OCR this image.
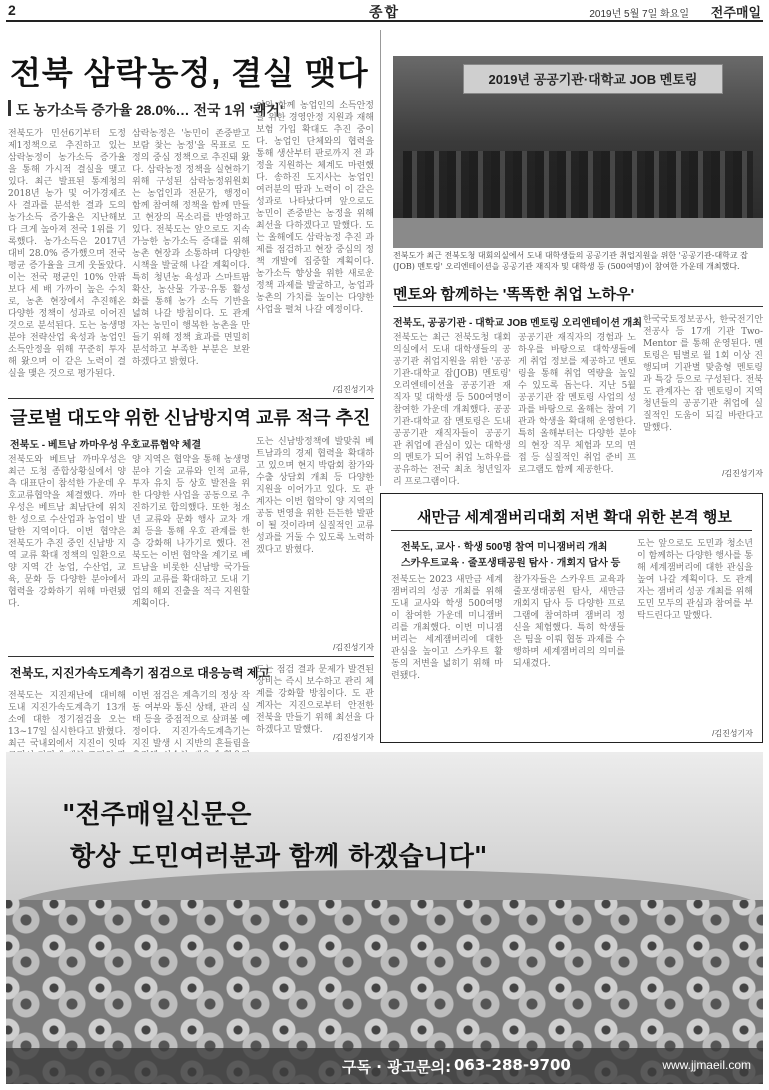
2	종합	2019년 5월 7일 화요일 전주매일
전북 삼락농정, 결실 맺다
도 농가소득 증가율 28.0%… 전국 1위 '쾌거'
전북도가 민선6기부터 도정 제1정책으로 추진하고 있는 삼락농정이 농가소득 증가율을 통해 가시적 결실을 맺고 있다. 최근 발표된 통계청의 2018년 농가 및 어가경제조사 결과를 분석한 결과 도의 농가소득 증가율은 지난해보다 크게 높아져 전국 1위를 기록했다. 농가소득은 2017년 대비 28.0% 증가했으며 전국 평균 증가율을 크게 웃돌았다. 이는 전국 평균인 10% 안팎보다 세 배 가까이 높은 수치로, 농촌 현장에서 추진해온 다양한 정책이 성과로 이어진 것으로 분석된다. 도는 농생명 분야 전략산업 육성과 농업인 소득안정을 위해 꾸준히 투자해 왔으며 이 같은 노력이 결실을 맺은 것으로 평가된다.
삼락농정은 '농민이 존중받고 보람 찾는 농정'을 목표로 도정의 중심 정책으로 추진돼 왔다. 삼락농정 정책을 실현하기 위해 구성된 삼락농정위원회는 농업인과 전문가, 행정이 함께 참여해 정책을 함께 만들고 현장의 목소리를 반영하고 있다. 전북도는 앞으로도 지속 가능한 농가소득 증대를 위해 농촌 현장과 소통하며 다양한 시책을 발굴해 나갈 계획이다. 특히 청년농 육성과 스마트팜 확산, 농산물 가공·유통 활성화를 통해 농가 소득 기반을 넓혀 나갈 방침이다. 도 관계자는 농민이 행복한 농촌을 만들기 위해 정책 효과를 면밀히 분석하고 부족한 부분은 보완하겠다고 밝혔다.
이와 함께 농업인의 소득안정을 위한 경영안정 지원과 재해보험 가입 확대도 추진 중이다. 농업인 단체와의 협력을 통해 생산부터 판로까지 전 과정을 지원하는 체계도 마련했다. 송하진 도지사는 농업인 여러분의 땀과 노력이 이 같은 성과로 나타났다며 앞으로도 농민이 존중받는 농정을 위해 최선을 다하겠다고 말했다. 도는 올해에도 삼락농정 추진 과제를 점검하고 현장 중심의 정책 개발에 집중할 계획이다. 농가소득 향상을 위한 새로운 정책 과제를 발굴하고, 농업과 농촌의 가치를 높이는 다양한 사업을 펼쳐 나갈 예정이다.
/김진성기자
2019년 공공기관·대학교 JOB 멘토링
전북도가 최근 전북도청 대회의실에서 도내 대학생들의 공공기관 취업지원을 위한 '공공기관-대학교 잡(JOB) 멘토링' 오리엔테이션을 공공기관 재직자 및 대학생 등 (500여명)이 참여한 가운데 개최했다.
멘토와 함께하는 '똑똑한 취업 노하우'
전북도, 공공기관 - 대학교 JOB 멘토링 오리엔테이션 개최
전북도는 최근 전북도청 대회의실에서 도내 대학생들의 공공기관 취업지원을 위한 '공공기관-대학교 잡(JOB) 멘토링' 오리엔테이션을 공공기관 재직자 및 대학생 등 500여명이 참여한 가운데 개최했다. 공공기관-대학교 잡 멘토링은 도내 공공기관 재직자들이 공공기관 취업에 관심이 있는 대학생의 멘토가 되어 취업 노하우를 공유하는 전국 최초 청년일자리 프로그램이다.
공공기관 재직자의 경험과 노하우를 바탕으로 대학생들에게 취업 정보를 제공하고 멘토링을 통해 취업 역량을 높일 수 있도록 돕는다. 지난 5월 공공기관 잡 멘토링 사업의 성과를 바탕으로 올해는 참여 기관과 학생을 확대해 운영한다. 특히 올해부터는 다양한 분야의 현장 직무 체험과 모의 면접 등 실질적인 취업 준비 프로그램도 함께 제공한다.
한국국토정보공사, 한국전기안전공사 등 17개 기관 Two-Mentor 를 통해 운영된다. 멘토링은 팀별로 월 1회 이상 진행되며 기관별 맞춤형 멘토링과 특강 등으로 구성된다. 전북도 관계자는 잡 멘토링이 지역 청년들의 공공기관 취업에 실질적인 도움이 되길 바란다고 말했다.
/김진성기자
글로벌 대도약 위한 신남방지역 교류 적극 추진
전북도 - 베트남 까마우성 우호교류협약 체결
전북도와 베트남 까마우성은 최근 도청 종합상황실에서 양측 대표단이 참석한 가운데 우호교류협약을 체결했다. 까마우성은 베트남 최남단에 위치한 성으로 수산업과 농업이 발달한 지역이다. 이번 협약은 전북도가 추진 중인 신남방 지역 교류 확대 정책의 일환으로 양 지역 간 농업, 수산업, 교육, 문화 등 다양한 분야에서 협력을 강화하기 위해 마련됐다.
양 지역은 협약을 통해 농생명 분야 기술 교류와 인적 교류, 투자 유치 등 상호 발전을 위한 다양한 사업을 공동으로 추진하기로 합의했다. 또한 청소년 교류와 문화 행사 교차 개최 등을 통해 우호 관계를 한층 강화해 나가기로 했다. 전북도는 이번 협약을 계기로 베트남을 비롯한 신남방 국가들과의 교류를 확대하고 도내 기업의 해외 진출을 적극 지원할 계획이다.
도는 신남방정책에 발맞춰 베트남과의 경제 협력을 확대하고 있으며 현지 박람회 참가와 수출 상담회 개최 등 다양한 지원을 이어가고 있다. 도 관계자는 이번 협약이 양 지역의 공동 번영을 위한 든든한 발판이 될 것이라며 실질적인 교류 성과를 거둘 수 있도록 노력하겠다고 밝혔다.
/김진성기자
전북도, 지진가속도계측기 점검으로 대응능력 제고
전북도는 지진재난에 대비해 도내 지진가속도계측기 13개소에 대한 정기점검을 오는 13~17일 실시한다고 밝혔다. 최근 국내외에서 지진이 잇따
이번 점검은 계측기의 정상 작동 여부와 통신 상태, 관리 실태 등을 중점적으로 살펴볼 예정이다. 지진가속도계측기는 지진 발생 시 지반의 흔들림을
도는 점검 결과 문제가 발견된 장비는 즉시 보수하고 관리 체계를 강화할 방침이다. 도 관계자는 지진으로부터 안전한 전북을 만들기 위해 최선을 다하겠다고 말했다.
/김진성기자
새만금 세계잼버리대회 저변 확대 위한 본격 행보
전북도, 교사 · 학생 500명 참여 미니잼버리 개최
스카우트교육 · 줄포생태공원 탐사 · 개회지 답사 등
전북도는 2023 새만금 세계잼버리의 성공 개최를 위해 도내 교사와 학생 500여명이 참여한 가운데 미니잼버리를 개최했다. 이번 미니잼버리는 세계잼버리에 대한 관심을 높이고 스카우트 활동의 저변을 넓히기 위해 마련됐다.
참가자들은 스카우트 교육과 줄포생태공원 탐사, 새만금 개회지 답사 등 다양한 프로그램에 참여하며 잼버리 정신을 체험했다. 특히 학생들은 팀을 이뤄 협동 과제를 수행하며 세계잼버리의 의미를 되새겼다.
도는 앞으로도 도민과 청소년이 함께하는 다양한 행사를 통해 세계잼버리에 대한 관심을 높여 나갈 계획이다. 도 관계자는 잼버리 성공 개최를 위해 도민 모두의 관심과 참여를 부탁드린다고 말했다.
/김진성기자
"전주매일신문은
항상 도민여러분과 함께 하겠습니다"
구독 · 광고문의: 063-288-9700	www.jjmaeil.com
